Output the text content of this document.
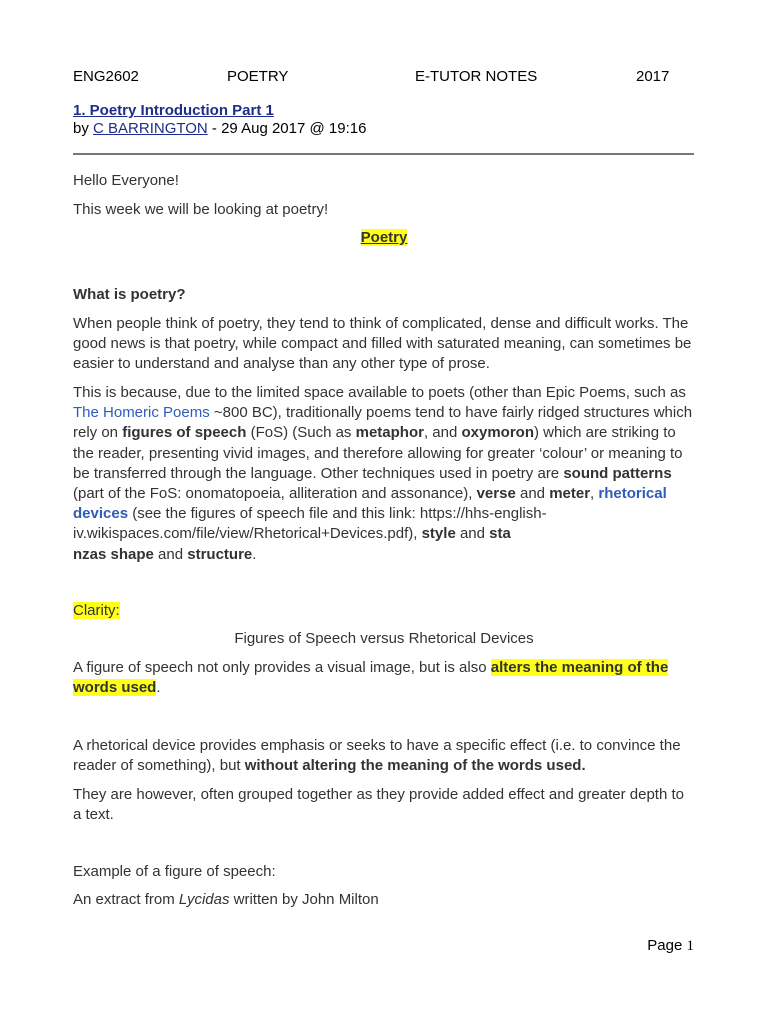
ENG2602	POETRY	E-TUTOR NOTES	2017
1. Poetry Introduction Part 1
by C BARRINGTON - 29 Aug 2017 @ 19:16
Hello Everyone!
This week we will be looking at poetry!
Poetry
What is poetry?
When people think of poetry, they tend to think of complicated, dense and difficult works. The good news is that poetry, while compact and filled with saturated meaning, can sometimes be easier to understand and analyse than any other type of prose.
This is because, due to the limited space available to poets (other than Epic Poems, such as The Homeric Poems ~800 BC), traditionally poems tend to have fairly ridged structures which rely on figures of speech (FoS) (Such as metaphor, and oxymoron) which are striking to the reader, presenting vivid images, and therefore allowing for greater ‘colour’ or meaning to be transferred through the language. Other techniques used in poetry are sound patterns (part of the FoS: onomatopoeia, alliteration and assonance), verse and meter, rhetorical devices (see the figures of speech file and this link: https://hhs-english-iv.wikispaces.com/file/view/Rhetorical+Devices.pdf), style and sta
nzas shape and structure.
Clarity:
Figures of Speech versus Rhetorical Devices
A figure of speech not only provides a visual image, but is also alters the meaning of the
words used.
A rhetorical device provides emphasis or seeks to have a specific effect (i.e. to convince the reader of something), but without altering the meaning of the words used.
They are however, often grouped together as they provide added effect and greater depth to a text.
Example of a figure of speech:
An extract from Lycidas written by John Milton
Page 1
